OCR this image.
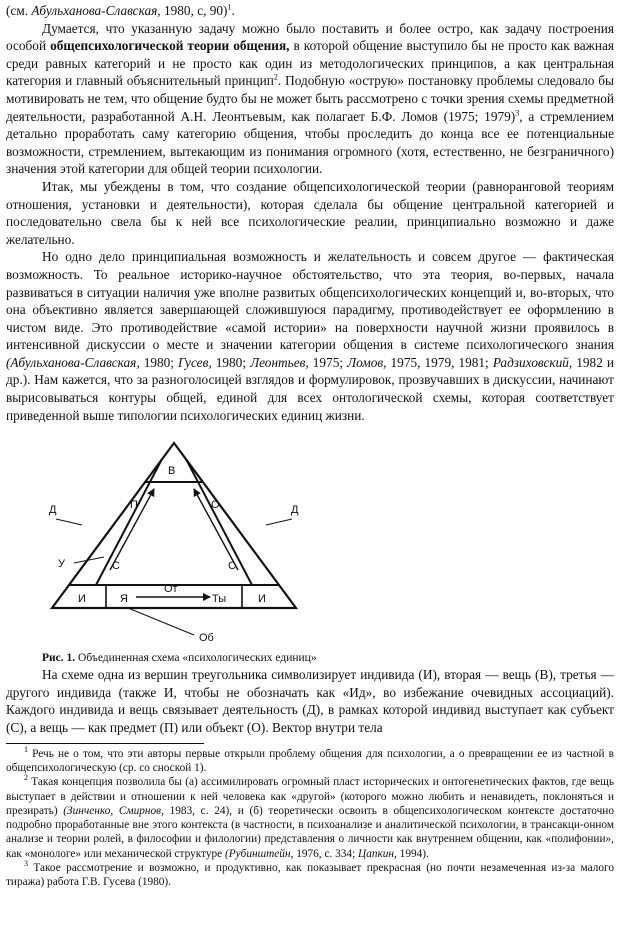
(см. Абульханова-Славская, 1980, с, 90)$^1$.

Думается, что указанную задачу можно было поставить и более остро, как задачу построения особой общепсихологической теории общения, в которой общение выступило бы не просто как важная среди равных категорий и не просто как один из методологических принципов, а как центральная категория и главный объяснительный принцип$^2$. Подобную «острую» постановку проблемы следовало бы мотивировать не тем, что общение будто бы не может быть рассмотрено с точки зрения схемы предметной деятельности, разработанной А.Н. Леонтьевым, как полагает Б.Ф. Ломов (1975; 1979)$^3$, а стремлением детально проработать саму категорию общения, чтобы проследить до конца все ее потенциальные возможности, стремлением, вытекающим из понимания огромного (хотя, естественно, не безграничного) значения этой категории для общей теории психологии.

Итак, мы убеждены в том, что создание общепсихологической теории (равноранговой теориям отношения, установки и деятельности), которая сделала бы общение центральной категорией и последовательно свела бы к ней все психологические реалии, принципиально возможно и даже желательно.

Но одно дело принципиальная возможность и желательность и совсем другое — фактическая возможность. То реальное историко-научное обстоятельство, что эта теория, во-первых, начала развиваться в ситуации наличия уже вполне развитых общепсихологических концепций и, во-вторых, что она объективно является завершающей сложившуюся парадигму, противодействует ее оформлению в чистом виде. Это противодействие «самой истории» на поверхности научной жизни проявилось в интенсивной дискуссии о месте и значении категории общения в системе психологического знания (Абульханова-Славская, 1980; Гусев, 1980; Леонтьев, 1975; Ломов, 1975, 1979, 1981; Радзиховский, 1982 и др.). Нам кажется, что за разноголосицей взглядов и формулировок, прозвучавших в дискуссии, начинают вырисовываться контуры общей, единой для всех онтологической схемы, которая соответствует приведенной выше типологии психологических единиц жизни.

В
Д	Д
П	О
У	С	С
И	Я
От
Ты	И
Об

Рис. 1. Объединенная схема «психологических единиц»

На схеме одна из вершин треугольника символизирует индивида (И), вторая — вещь (В), третья — другого индивида (также И, чтобы не обозначать как «Ид», во избежание очевидных ассоциаций). Каждого индивида и вещь связывает деятельность (Д), в рамках которой индивид выступает как субъект (С), а вещь — как предмет (П) или объект (О). Вектор внутри тела

$^1$ Речь не о том, что эти авторы первые открыли проблему общения для психологии, а о превращении ее из частной в общепсихологическую (ср. со сноской 1).

$^2$ Такая концепция позволила бы (а) ассимилировать огромный пласт исторических и онтогенетических фактов, где вещь выступает в действии и отношении к ней человека как «другой» (которого можно любить и ненавидеть, поклоняться и презирать) (Зинченко, Смирнов, 1983, с. 24), и (б) теоретически освоить в общепсихологическом контексте достаточно подробно проработанные вне этого контекста (в частности, в психоанализе и аналитической психологии, в трансакци-онном анализе и теории ролей, в философии и филологии) представления о личности как внутреннем общении, как «полифонии», как «монологе» или механической структуре (Рубинштейн, 1976, с. 334; Цапкин, 1994).

$^3$ Такое рассмотрение и возможно, и продуктивно, как показывает прекрасная (но почти незамеченная из-за малого тиража) работа Г.В. Гусева (1980).
